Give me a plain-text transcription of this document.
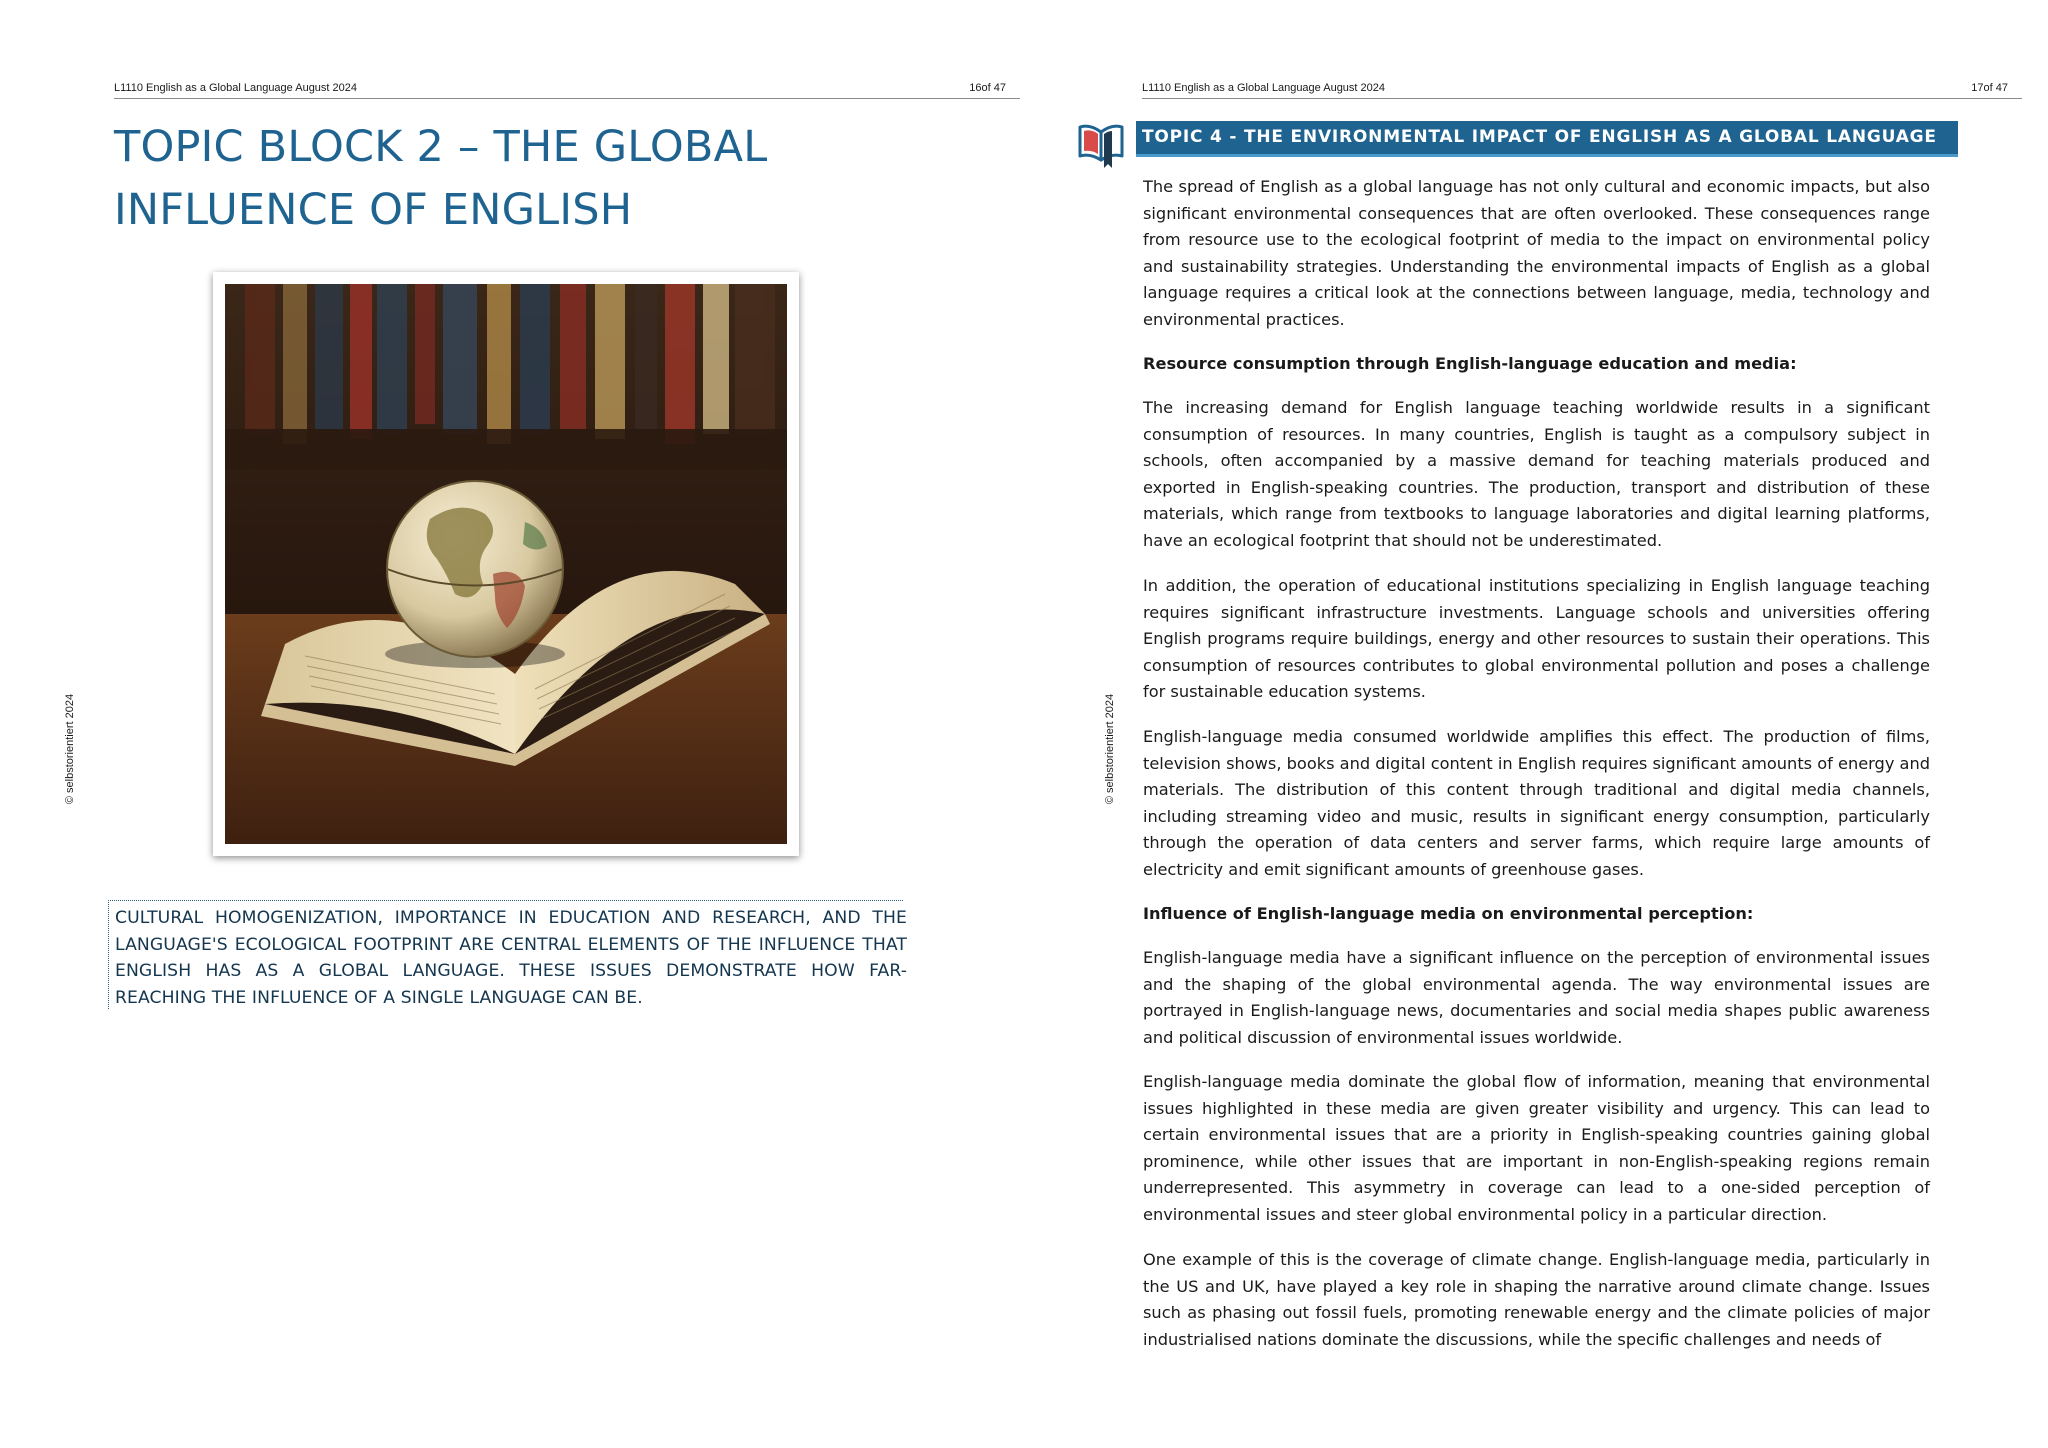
L1110 English as a Global Language August 2024	16of 47
© selbstorientiert 2024
TOPIC BLOCK 2 – THE GLOBAL
INFLUENCE OF ENGLISH
CULTURAL HOMOGENIZATION, IMPORTANCE IN EDUCATION AND RESEARCH, AND THE LANGUAGE'S ECOLOGICAL FOOTPRINT ARE CENTRAL ELEMENTS OF THE INFLUENCE THAT ENGLISH HAS AS A GLOBAL LANGUAGE. THESE ISSUES DEMONSTRATE HOW FAR-REACHING THE INFLUENCE OF A SINGLE LANGUAGE CAN BE.
L1110 English as a Global Language August 2024	17of 47
© selbstorientiert 2024
TOPIC 4 - THE ENVIRONMENTAL IMPACT OF ENGLISH AS A GLOBAL LANGUAGE

The spread of English as a global language has not only cultural and economic impacts, but also significant environmental consequences that are often overlooked. These consequences range from resource use to the ecological footprint of media to the impact on environmental policy and sustainability strategies. Understanding the environmental impacts of English as a global language requires a critical look at the connections between language, media, technology and environmental practices.

Resource consumption through English-language education and media:

The increasing demand for English language teaching worldwide results in a significant consumption of resources. In many countries, English is taught as a compulsory subject in schools, often accompanied by a massive demand for teaching materials produced and exported in English-speaking countries. The production, transport and distribution of these materials, which range from textbooks to language laboratories and digital learning platforms, have an ecological footprint that should not be underestimated.

In addition, the operation of educational institutions specializing in English language teaching requires significant infrastructure investments. Language schools and universities offering English programs require buildings, energy and other resources to sustain their operations. This consumption of resources contributes to global environmental pollution and poses a challenge for sustainable education systems.

English-language media consumed worldwide amplifies this effect. The production of films, television shows, books and digital content in English requires significant amounts of energy and materials. The distribution of this content through traditional and digital media channels, including streaming video and music, results in significant energy consumption, particularly through the operation of data centers and server farms, which require large amounts of electricity and emit significant amounts of greenhouse gases.

Influence of English-language media on environmental perception:

English-language media have a significant influence on the perception of environmental issues and the shaping of the global environmental agenda. The way environmental issues are portrayed in English-language news, documentaries and social media shapes public awareness and political discussion of environmental issues worldwide.

English-language media dominate the global flow of information, meaning that environmental issues highlighted in these media are given greater visibility and urgency. This can lead to certain environmental issues that are a priority in English-speaking countries gaining global prominence, while other issues that are important in non-English-speaking regions remain underrepresented. This asymmetry in coverage can lead to a one-sided perception of environmental issues and steer global environmental policy in a particular direction.

One example of this is the coverage of climate change. English-language media, particularly in the US and UK, have played a key role in shaping the narrative around climate change. Issues such as phasing out fossil fuels, promoting renewable energy and the climate policies of major industrialised nations dominate the discussions, while the specific challenges and needs of
